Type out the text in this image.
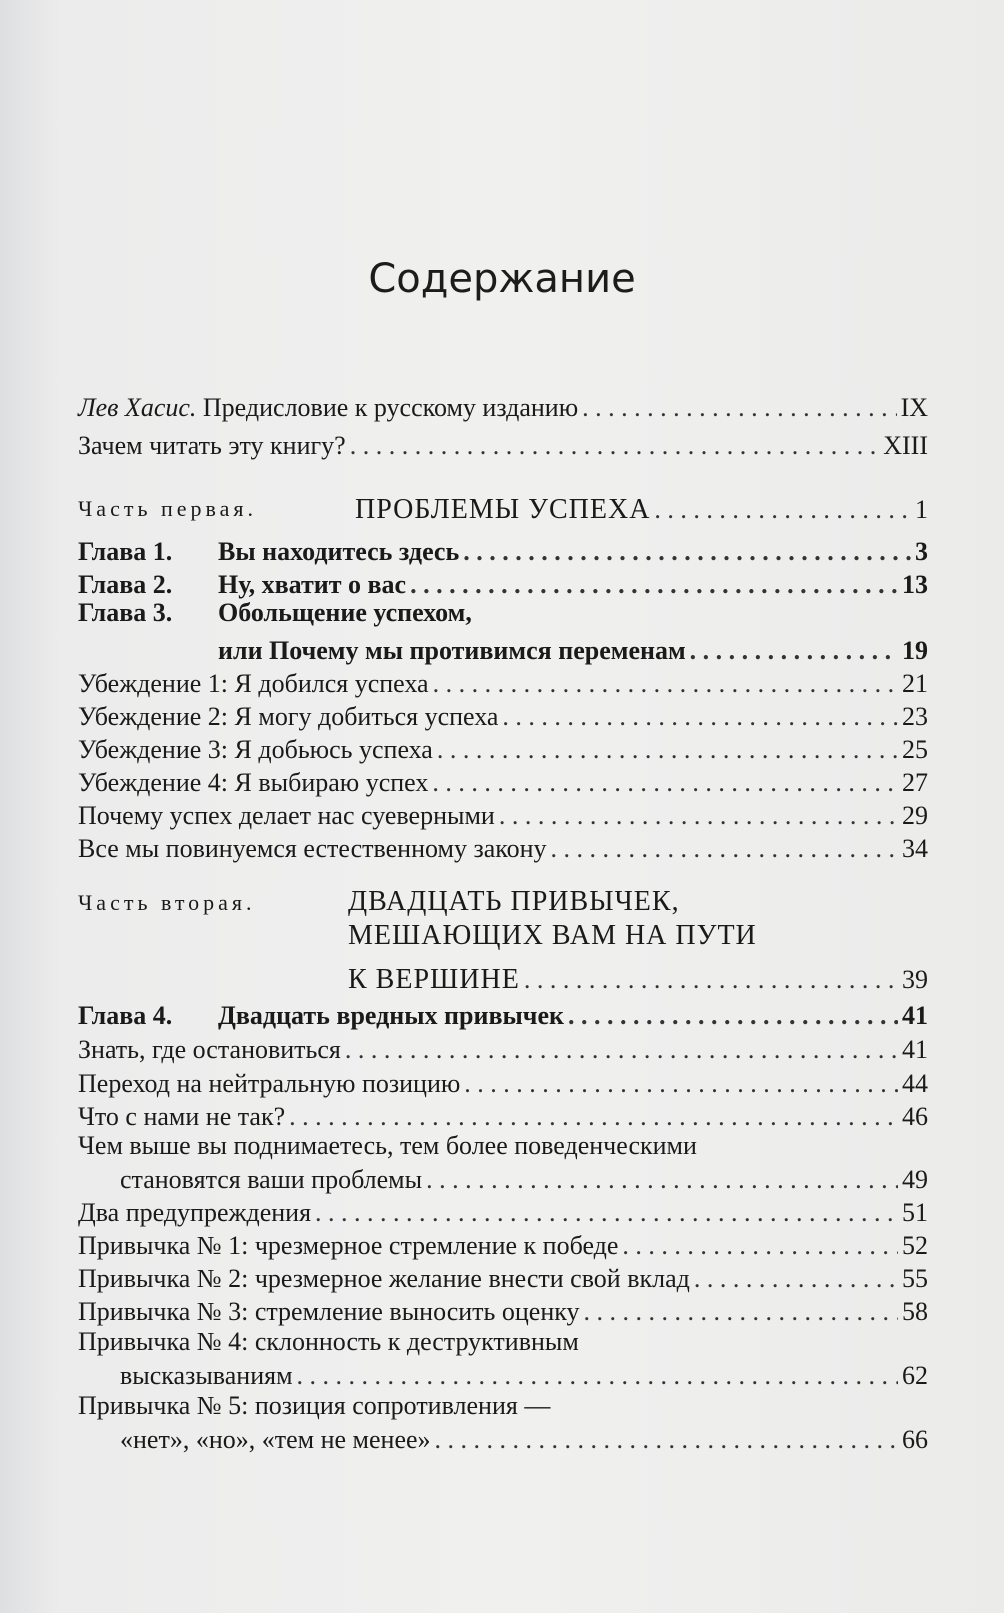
Содержание
Лев Хасис. Предисловие к русскому изданию . . .	IX
Зачем читать эту книгу? . . .	XIII
Часть первая.	ПРОБЛЕМЫ УСПЕХА . . .	1
Глава 1. Вы находитесь здесь . . .	3
Глава 2. Ну, хватит о вас . . .	13
Глава 3. Обольщение успехом,
или Почему мы противимся переменам . . .	19
Убеждение 1: Я добился успеха . . .	21
Убеждение 2: Я могу добиться успеха . . .	23
Убеждение 3: Я добьюсь успеха . . .	25
Убеждение 4: Я выбираю успех . . .	27
Почему успех делает нас суеверными . . .	29
Все мы повинуемся естественному закону . . .	34
Часть вторая.	ДВАДЦАТЬ ПРИВЫЧЕК,
МЕШАЮЩИХ ВАМ НА ПУТИ
К ВЕРШИНЕ . . .	39
Глава 4. Двадцать вредных привычек . . .	41
Знать, где остановиться . . .	41
Переход на нейтральную позицию . . .	44
Что с нами не так? . . .	46
Чем выше вы поднимаетесь, тем более поведенческими
становятся ваши проблемы . . .	49
Два предупреждения . . .	51
Привычка № 1: чрезмерное стремление к победе . . .	52
Привычка № 2: чрезмерное желание внести свой вклад . . .	55
Привычка № 3: стремление выносить оценку . . .	58
Привычка № 4: склонность к деструктивным
высказываниям . . .	62
Привычка № 5: позиция сопротивления —
«нет», «но», «тем не менее» . . .	66
